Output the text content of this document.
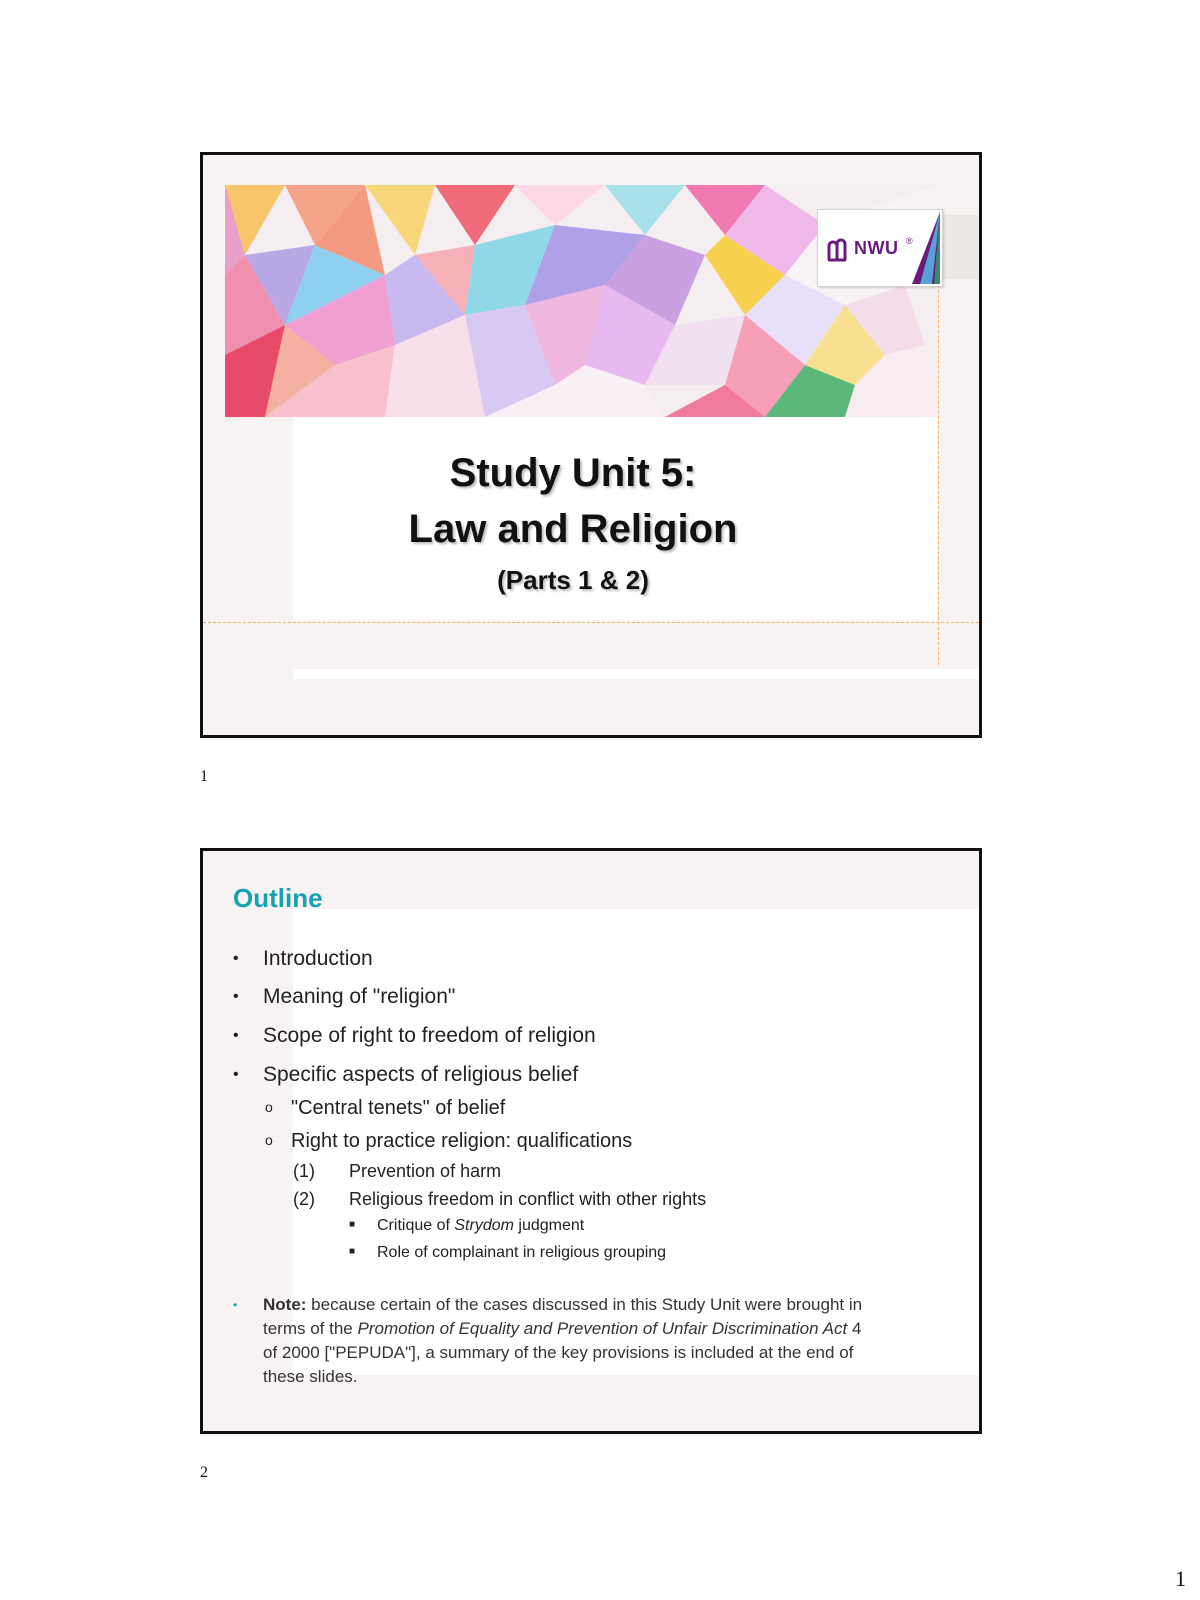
NWU ®
Study Unit 5:
Law and Religion
(Parts 1 & 2)
1
Outline
• Introduction
• Meaning of "religion"
• Scope of right to freedom of religion
• Specific aspects of religious belief
o "Central tenets" of belief
o Right to practice religion: qualifications
(1) Prevention of harm
(2) Religious freedom in conflict with other rights
■ Critique of Strydom judgment
■ Role of complainant in religious grouping
•	Note: because certain of the cases discussed in this Study Unit were brought in terms of the Promotion of Equality and Prevention of Unfair Discrimination Act 4 of 2000 ["PEPUDA"], a summary of the key provisions is included at the end of these slides.
2
1
